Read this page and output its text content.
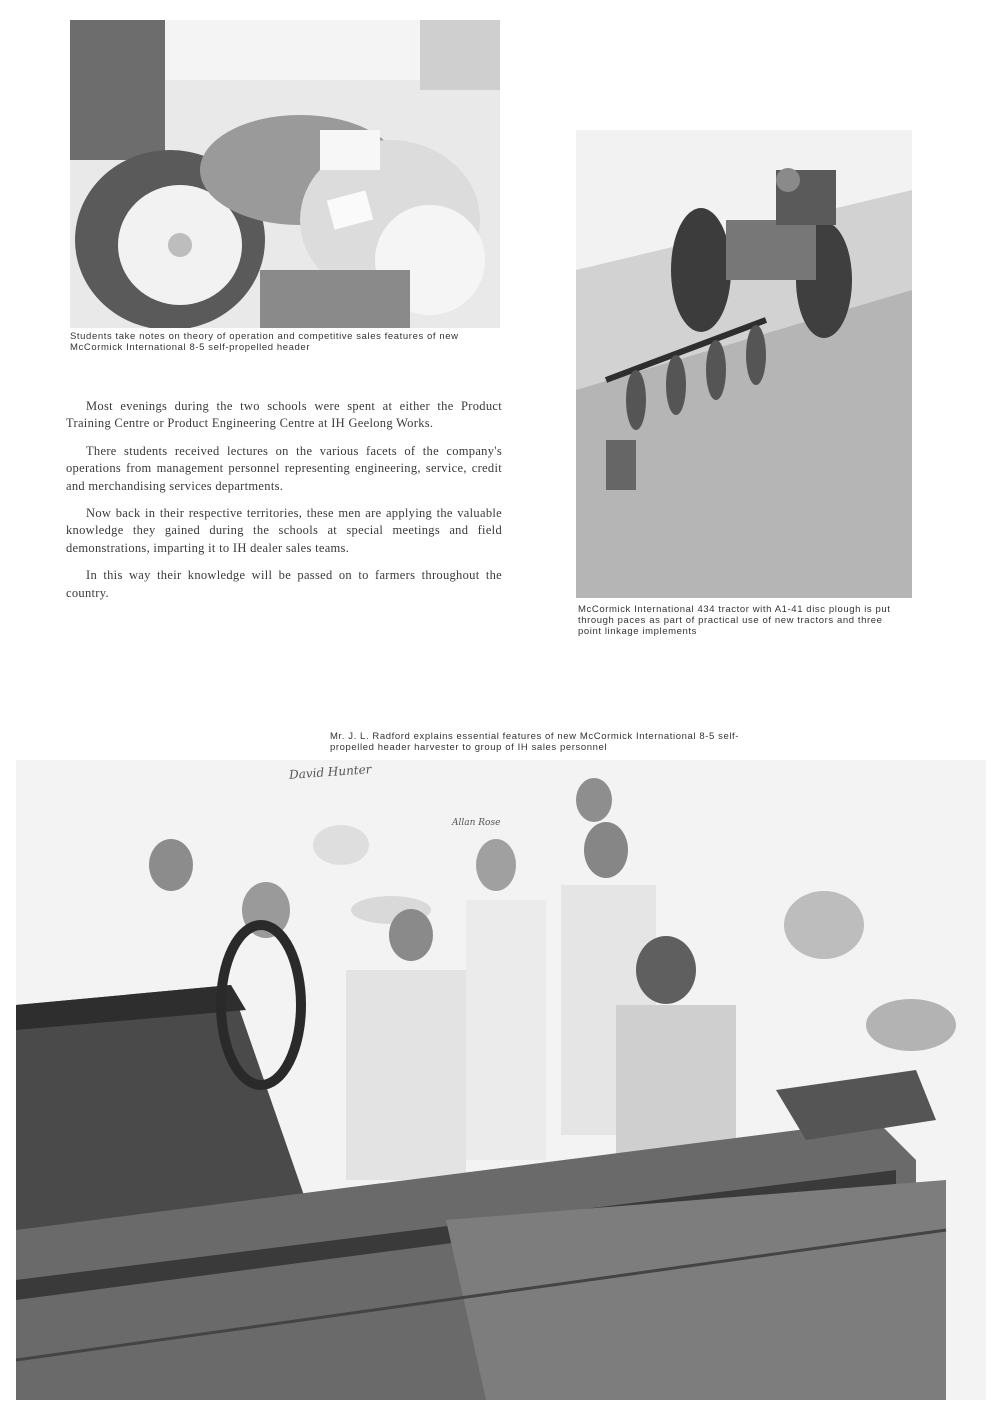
Students take notes on theory of operation and competitive sales features of new McCormick International 8-5 self-propelled header

Most evenings during the two schools were spent at either the Product Training Centre or Product Engineering Centre at IH Geelong Works.

There students received lectures on the various facets of the company's operations from management personnel representing engineering, service, credit and merchandising services departments.

Now back in their respective territories, these men are applying the valuable knowledge they gained during the schools at special meetings and field demonstrations, imparting it to IH dealer sales teams.

In this way their knowledge will be passed on to farmers throughout the country.

McCormick International 434 tractor with A1-41 disc plough is put through paces as part of practical use of new tractors and three point linkage implements
Mr. J. L. Radford explains essential features of new McCormick International 8-5 self-propelled header harvester to group of IH sales personnel
David Hunter
Allan Rose
